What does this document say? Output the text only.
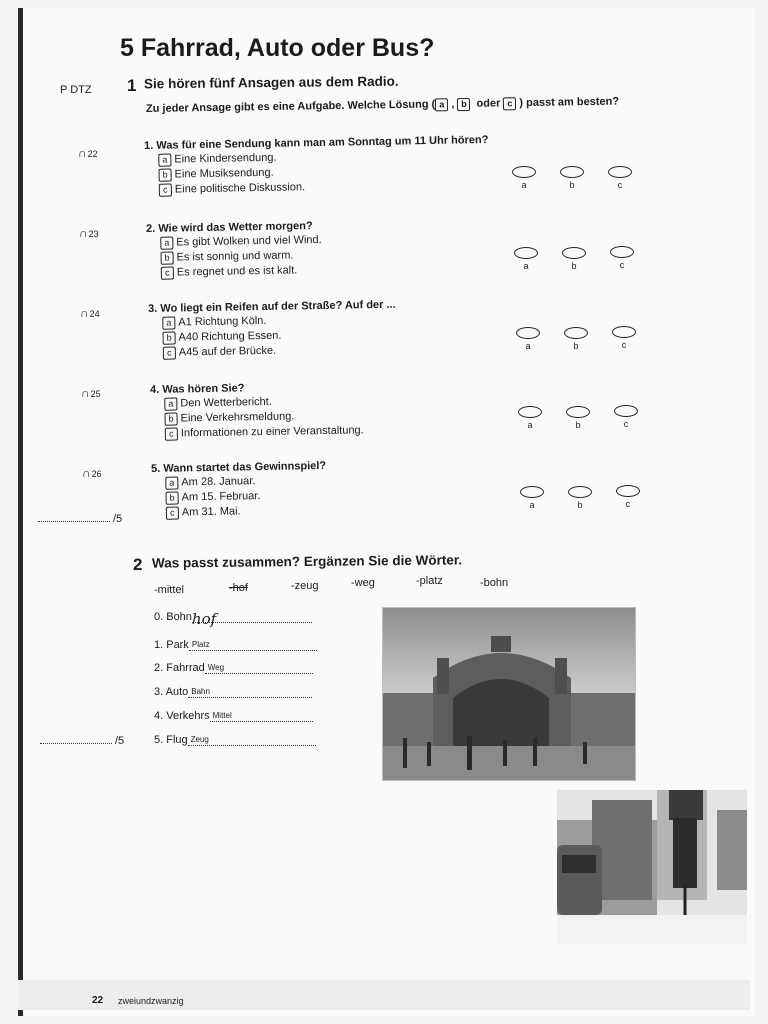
5 Fahrrad, Auto oder Bus?
P DTZ 1 Sie hören fünf Ansagen aus dem Radio.
Zu jeder Ansage gibt es eine Aufgabe. Welche Lösung ( a , b oder c ) passt am besten?
∩22
1. Was für eine Sendung kann man am Sonntag um 11 Uhr hören?
a Eine Kindersendung.
b Eine Musiksendung.
c Eine politische Diskussion.	a	b	c
∩23	2. Wie wird das Wetter morgen?
a Es gibt Wolken und viel Wind.
b Es ist sonnig und warm.
c Es regnet und es ist kalt.	a	b	c
∩24	3. Wo liegt ein Reifen auf der Straße? Auf der ...
a A1 Richtung Köln.
b A40 Richtung Essen.
c A45 auf der Brücke.	a	b	c
∩25	4. Was hören Sie?
a Den Wetterbericht.
b Eine Verkehrsmeldung.
c Informationen zu einer Veranstaltung.	a	b	c
∩26	5. Wann startet das Gewinnspiel?
a Am 28. Januar.
b Am 15. Februar.
c Am 31. Mai.
a	b	c
/5
2 Was passt zusammen? Ergänzen Sie die Wörter.
-mittel	-hof	-zeug	-weg	-platz	-bohn
0. Bohnhof
1. Park Platz
2. Fahrrad Weg
3. Auto Bahn
4. Verkehrs Mittel
5. Flug Zeug
/5
22 zweiundzwanzig
